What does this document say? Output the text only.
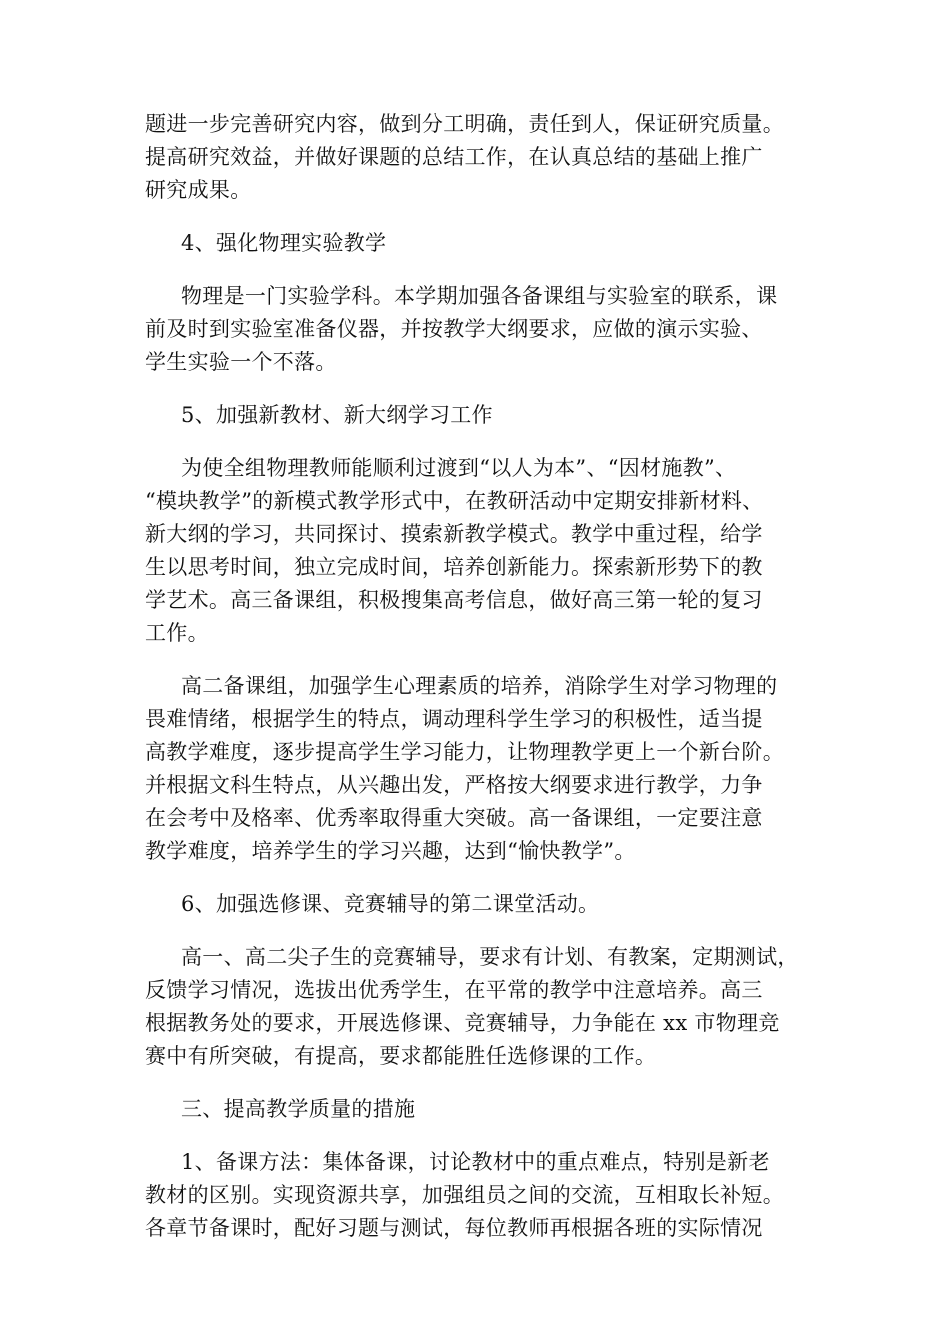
题进一步完善研究内容，做到分工明确，责任到人，保证研究质量。
提高研究效益，并做好课题的总结工作，在认真总结的基础上推广
研究成果。

4、强化物理实验教学

物理是一门实验学科。本学期加强各备课组与实验室的联系，课
前及时到实验室准备仪器，并按教学大纲要求，应做的演示实验、
学生实验一个不落。

5、加强新教材、新大纲学习工作

为使全组物理教师能顺利过渡到“以人为本”、“因材施教”、
“模块教学”的新模式教学形式中，在教研活动中定期安排新材料、
新大纲的学习，共同探讨、摸索新教学模式。教学中重过程，给学
生以思考时间，独立完成时间，培养创新能力。探索新形势下的教
学艺术。高三备课组，积极搜集高考信息，做好高三第一轮的复习
工作。

高二备课组，加强学生心理素质的培养，消除学生对学习物理的
畏难情绪，根据学生的特点，调动理科学生学习的积极性，适当提
高教学难度，逐步提高学生学习能力，让物理教学更上一个新台阶。
并根据文科生特点，从兴趣出发，严格按大纲要求进行教学，力争
在会考中及格率、优秀率取得重大突破。高一备课组，一定要注意
教学难度，培养学生的学习兴趣，达到“愉快教学”。

6、加强选修课、竞赛辅导的第二课堂活动。

高一、高二尖子生的竞赛辅导，要求有计划、有教案，定期测试，
反馈学习情况，选拔出优秀学生，在平常的教学中注意培养。高三
根据教务处的要求，开展选修课、竞赛辅导，力争能在 xx 市物理竞
赛中有所突破，有提高，要求都能胜任选修课的工作。

三、提高教学质量的措施

1、备课方法：集体备课，讨论教材中的重点难点，特别是新老
教材的区别。实现资源共享，加强组员之间的交流，互相取长补短。
各章节备课时，配好习题与测试，每位教师再根据各班的实际情况
